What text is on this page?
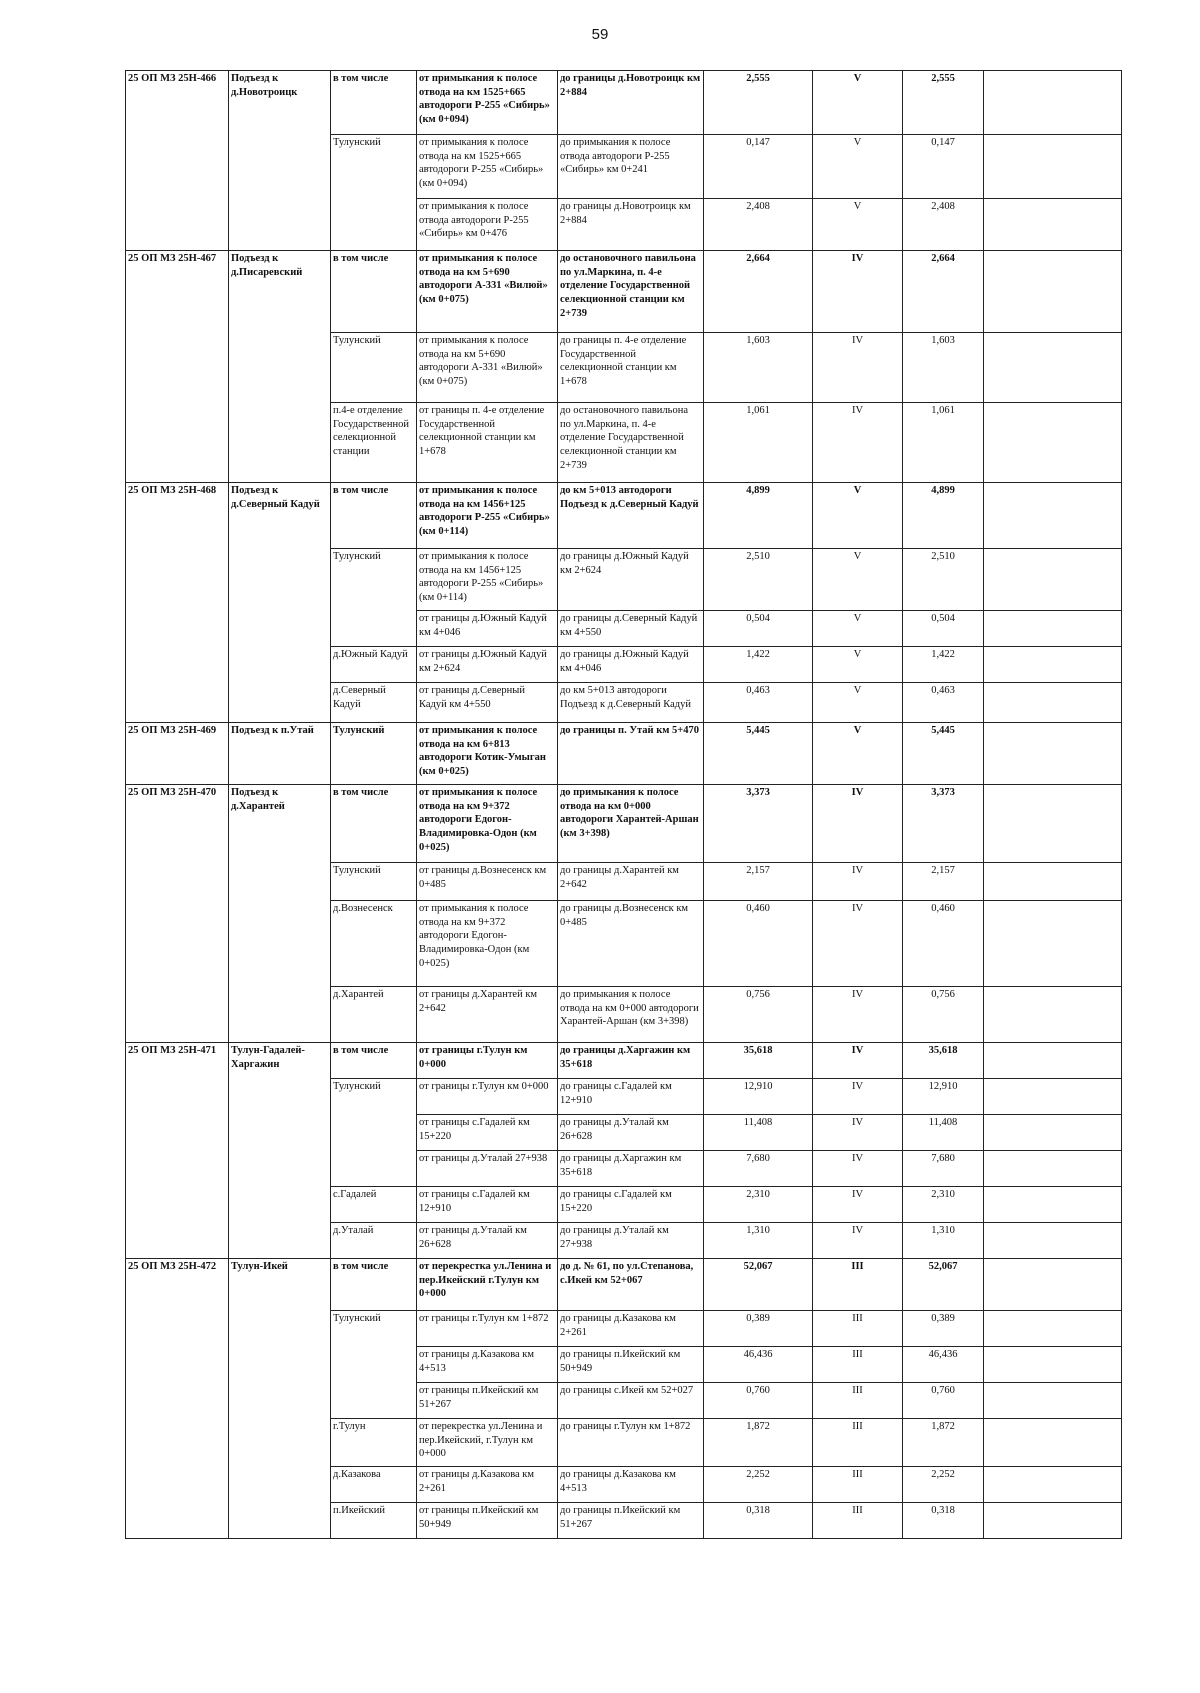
59
25 ОП МЗ 25Н-466	Подъезд к д.Новотроицк	в том числе	от примыкания к полосе отвода на км 1525+665 автодороги Р-255 «Сибирь» (км 0+094)	до границы д.Новотроицк км 2+884	2,555	V	2,555	
		Тулунский	от примыкания к полосе отвода на км 1525+665 автодороги Р-255 «Сибирь» (км 0+094)	до примыкания к полосе отвода автодороги Р-255 «Сибирь» км 0+241	0,147	V	0,147	
			от примыкания к полосе отвода автодороги Р-255 «Сибирь» км 0+476	до границы д.Новотроицк км 2+884	2,408	V	2,408	
25 ОП МЗ 25Н-467	Подъезд к д.Писаревский	в том числе	от примыкания к полосе отвода на км 5+690 автодороги А-331 «Вилюй» (км 0+075)	до остановочного павильона по ул.Маркина, п. 4-е отделение Государственной селекционной станции км 2+739	2,664	IV	2,664	
		Тулунский	от примыкания к полосе отвода на км 5+690 автодороги А-331 «Вилюй» (км 0+075)	до границы п. 4-е отделение Государственной селекционной станции км 1+678	1,603	IV	1,603	
		п.4-е отделение Государственной селекционной станции	от границы п. 4-е отделение Государственной селекционной станции км 1+678	до остановочного павильона по ул.Маркина, п. 4-е отделение Государственной селекционной станции км 2+739	1,061	IV	1,061	
25 ОП МЗ 25Н-468	Подъезд к д.Северный Кадуй	в том числе	от примыкания к полосе отвода на км 1456+125 автодороги Р-255 «Сибирь» (км 0+114)	до км 5+013 автодороги Подъезд к д.Северный Кадуй	4,899	V	4,899	
		Тулунский	от примыкания к полосе отвода на км 1456+125 автодороги Р-255 «Сибирь» (км 0+114)	до границы д.Южный Кадуй км 2+624	2,510	V	2,510	
			от границы д.Южный Кадуй км 4+046	до границы д.Северный Кадуй км 4+550	0,504	V	0,504	
		д.Южный Кадуй	от границы д.Южный Кадуй км 2+624	до границы д.Южный Кадуй км 4+046	1,422	V	1,422	
		д.Северный Кадуй	от границы д.Северный Кадуй км 4+550	до км 5+013 автодороги Подъезд к д.Северный Кадуй	0,463	V	0,463	
25 ОП МЗ 25Н-469	Подъезд к п.Утай	Тулунский	от примыкания к полосе отвода на км 6+813 автодороги Котик-Умыган (км 0+025)	до границы п. Утай км 5+470	5,445	V	5,445	
25 ОП МЗ 25Н-470	Подъезд к д.Харантей	в том числе	от примыкания к полосе отвода на км 9+372 автодороги Едогон-Владимировка-Одон (км 0+025)	до примыкания к полосе отвода на км 0+000 автодороги Харантей-Аршан (км 3+398)	3,373	IV	3,373	
		Тулунский	от границы д.Вознесенск км 0+485	до границы д.Харантей км 2+642	2,157	IV	2,157	
		д.Вознесенск	от примыкания к полосе отвода на км 9+372 автодороги Едогон-Владимировка-Одон (км 0+025)	до границы д.Вознесенск км 0+485	0,460	IV	0,460	
		д.Харантей	от границы д.Харантей км 2+642	до примыкания к полосе отвода на км 0+000 автодороги Харантей-Аршан (км 3+398)	0,756	IV	0,756	
25 ОП МЗ 25Н-471	Тулун-Гадалей-Харгажин	в том числе	от границы г.Тулун км 0+000	до границы д.Харгажин км 35+618	35,618	IV	35,618	
		Тулунский	от границы г.Тулун км 0+000	до границы с.Гадалей км 12+910	12,910	IV	12,910	
			от границы с.Гадалей км 15+220	до границы д.Уталай км 26+628	11,408	IV	11,408	
			от границы д.Уталай 27+938	до границы д.Харгажин км 35+618	7,680	IV	7,680	
		с.Гадалей	от границы с.Гадалей км 12+910	до границы с.Гадалей км 15+220	2,310	IV	2,310	
		д.Уталай	от границы д.Уталай км 26+628	до границы д.Уталай км 27+938	1,310	IV	1,310	
25 ОП МЗ 25Н-472	Тулун-Икей	в том числе	от перекрестка ул.Ленина и пер.Икейский г.Тулун км 0+000	до д. № 61, по ул.Степанова, с.Икей км 52+067	52,067	III	52,067	
		Тулунский	от границы г.Тулун км 1+872	до границы д.Казакова км 2+261	0,389	III	0,389	
			от границы д.Казакова км 4+513	до границы п.Икейский км 50+949	46,436	III	46,436	
			от границы п.Икейский км 51+267	до границы с.Икей км 52+027	0,760	III	0,760	
		г.Тулун	от перекрестка ул.Ленина и пер.Икейский, г.Тулун км 0+000	до границы г.Тулун км 1+872	1,872	III	1,872	
		д.Казакова	от границы д.Казакова км 2+261	до границы д.Казакова км 4+513	2,252	III	2,252	
		п.Икейский	от границы п.Икейский км 50+949	до границы п.Икейский км 51+267	0,318	III	0,318	
